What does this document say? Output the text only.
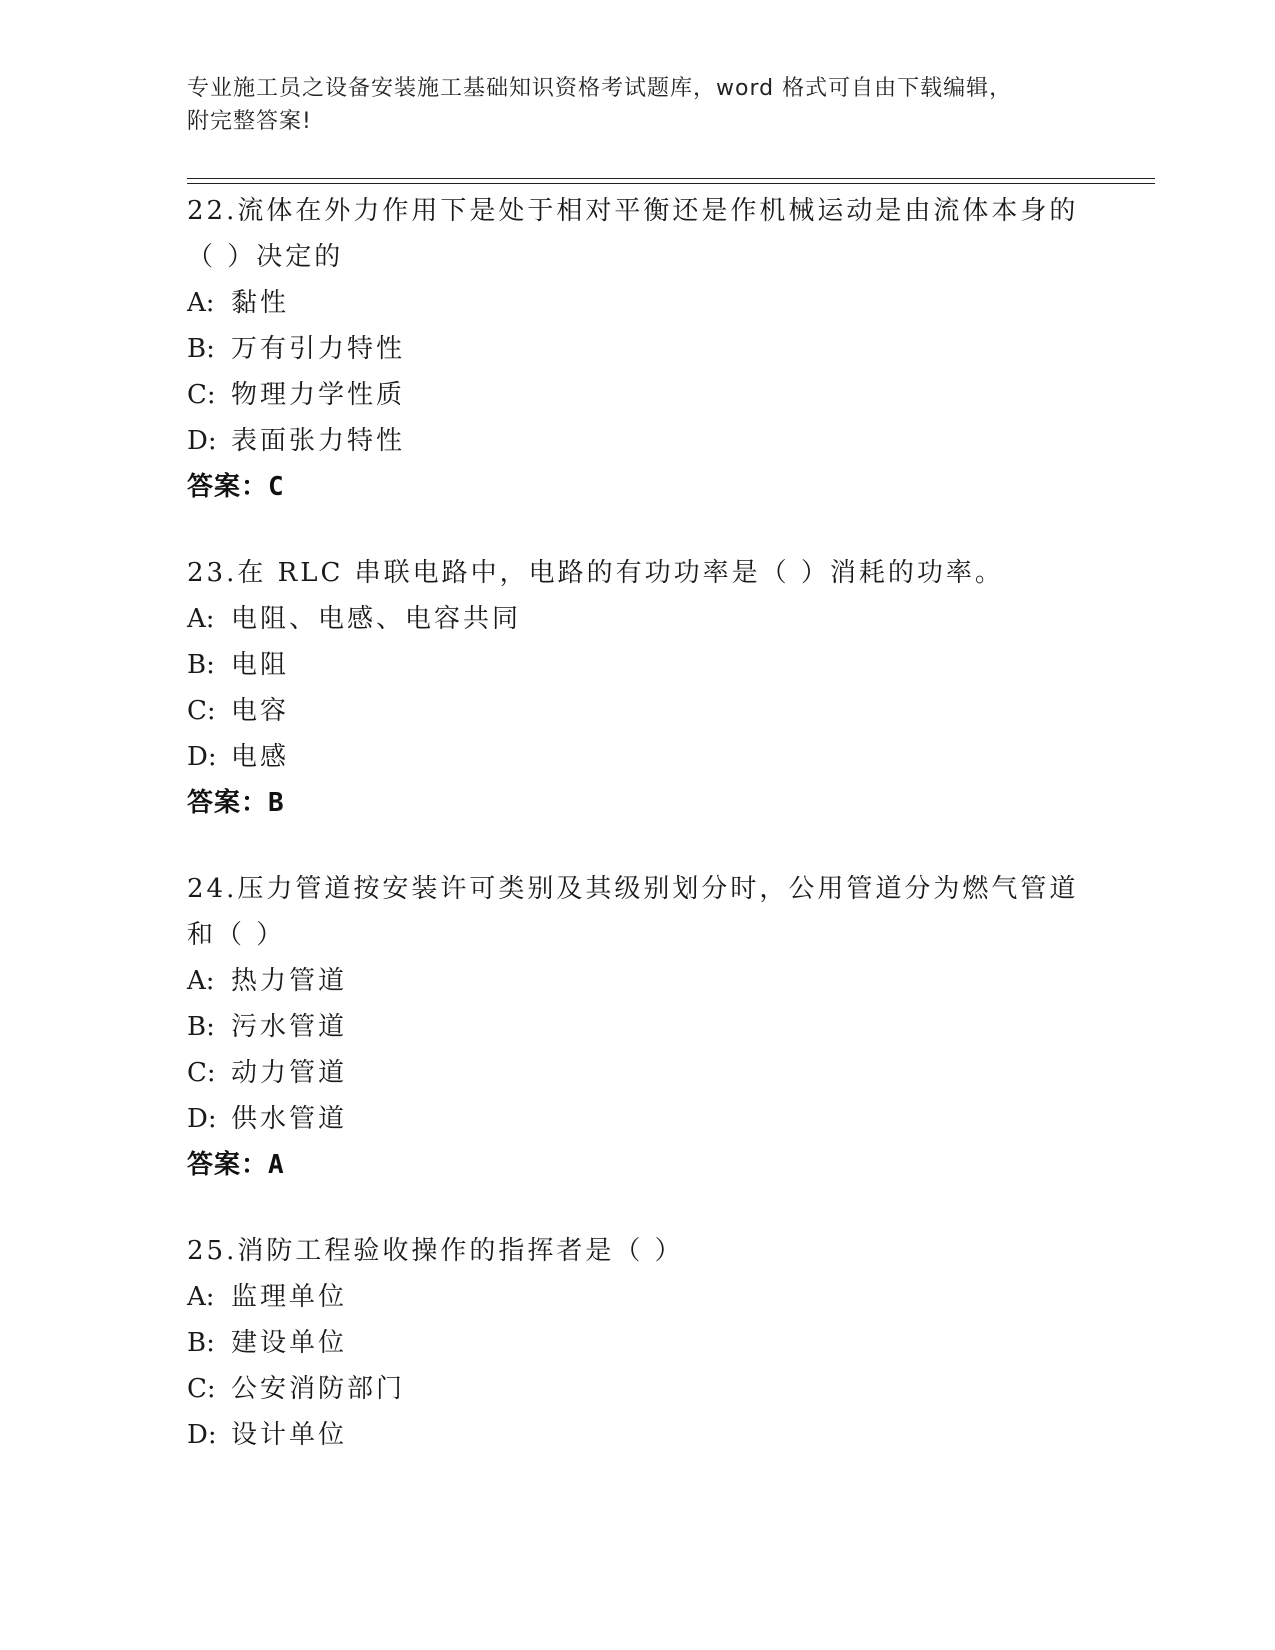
专业施工员之设备安装施工基础知识资格考试题库，word 格式可自由下载编辑，
附完整答案!
22.流体在外力作用下是处于相对平衡还是作机械运动是由流体本身的
（ ）决定的
A: 黏性
B: 万有引力特性
C: 物理力学性质
D: 表面张力特性
答案：C
23.在 RLC 串联电路中，电路的有功功率是（ ）消耗的功率。
A: 电阻、电感、电容共同
B: 电阻
C: 电容
D: 电感
答案：B
24.压力管道按安装许可类别及其级别划分时，公用管道分为燃气管道
和（ ）
A: 热力管道
B: 污水管道
C: 动力管道
D: 供水管道
答案：A
25.消防工程验收操作的指挥者是（ ）
A: 监理单位
B: 建设单位
C: 公安消防部门
D: 设计单位
